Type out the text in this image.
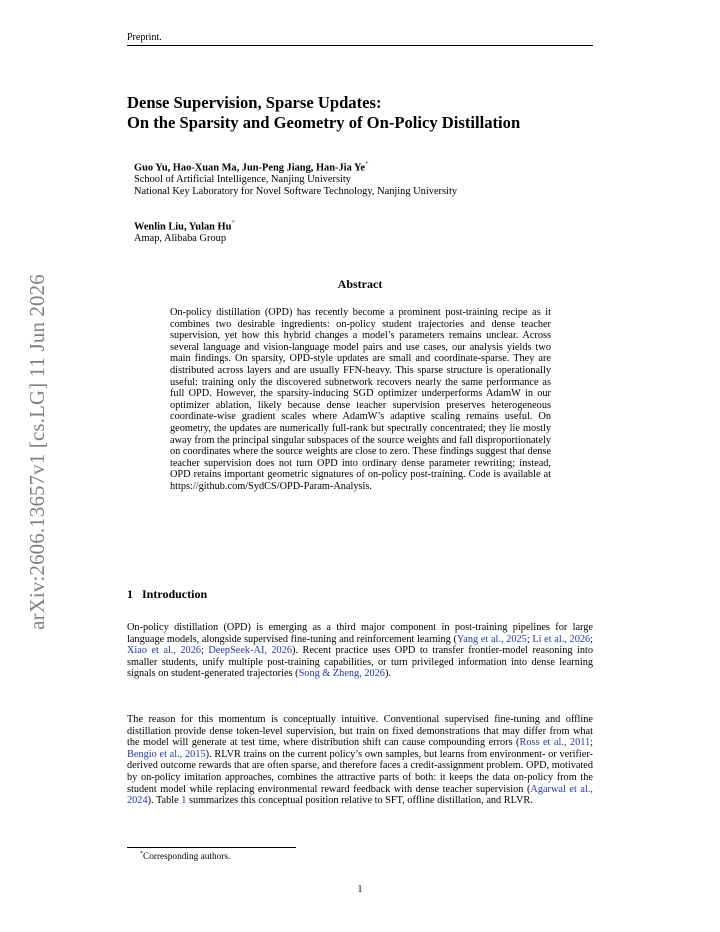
Preprint.
Dense Supervision, Sparse Updates:
On the Sparsity and Geometry of On-Policy Distillation
Guo Yu, Hao-Xuan Ma, Jun-Peng Jiang, Han-Jia Ye*
School of Artificial Intelligence, Nanjing University
National Key Laboratory for Novel Software Technology, Nanjing University
Wenlin Liu, Yulan Hu*
Amap, Alibaba Group
arXiv:2606.13657v1 [cs.LG] 11 Jun 2026	Abstract
On-policy distillation (OPD) has recently become a prominent post-training recipe as it combines two desirable ingredients: on-policy student trajectories and dense teacher supervision, yet how this hybrid changes a model’s parameters remains unclear. Across several language and vision-language model pairs and use cases, our analysis yields two main findings. On sparsity, OPD-style updates are small and coordinate-sparse. They are distributed across layers and are usually FFN-heavy. This sparse structure is operationally useful: training only the discovered subnetwork recovers nearly the same performance as full OPD. However, the sparsity-inducing SGD optimizer underperforms AdamW in our optimizer ablation, likely because dense teacher supervision preserves heterogeneous coordinate-wise gradient scales where AdamW’s adaptive scaling remains useful. On geometry, the updates are numerically full-rank but spectrally concentrated; they lie mostly away from the principal singular subspaces of the source weights and fall disproportionately on coordinates where the source weights are close to zero. These findings suggest that dense teacher supervision does not turn OPD into ordinary dense parameter rewriting; instead, OPD retains important geometric signatures of on-policy post-training. Code is available at https://github.com/SydCS/OPD-Param-Analysis.
1 Introduction
On-policy distillation (OPD) is emerging as a third major component in post-training pipelines for large language models, alongside supervised fine-tuning and reinforcement learning (Yang et al., 2025; Li et al., 2026; Xiao et al., 2026; DeepSeek-AI, 2026). Recent practice uses OPD to transfer frontier-model reasoning into smaller students, unify multiple post-training capabilities, or turn privileged information into dense learning signals on student-generated trajectories (Song & Zheng, 2026).
The reason for this momentum is conceptually intuitive. Conventional supervised fine-tuning and offline distillation provide dense token-level supervision, but train on fixed demonstrations that may differ from what the model will generate at test time, where distribution shift can cause compounding errors (Ross et al., 2011; Bengio et al., 2015). RLVR trains on the current policy’s own samples, but learns from environment- or verifier-derived outcome rewards that are often sparse, and therefore faces a credit-assignment problem. OPD, motivated by on-policy imitation approaches, combines the attractive parts of both: it keeps the data on-policy from the student model while replacing environmental reward feedback with dense teacher supervision (Agarwal et al., 2024). Table 1 summarizes this conceptual position relative to SFT, offline distillation, and RLVR.
*Corresponding authors.
1
